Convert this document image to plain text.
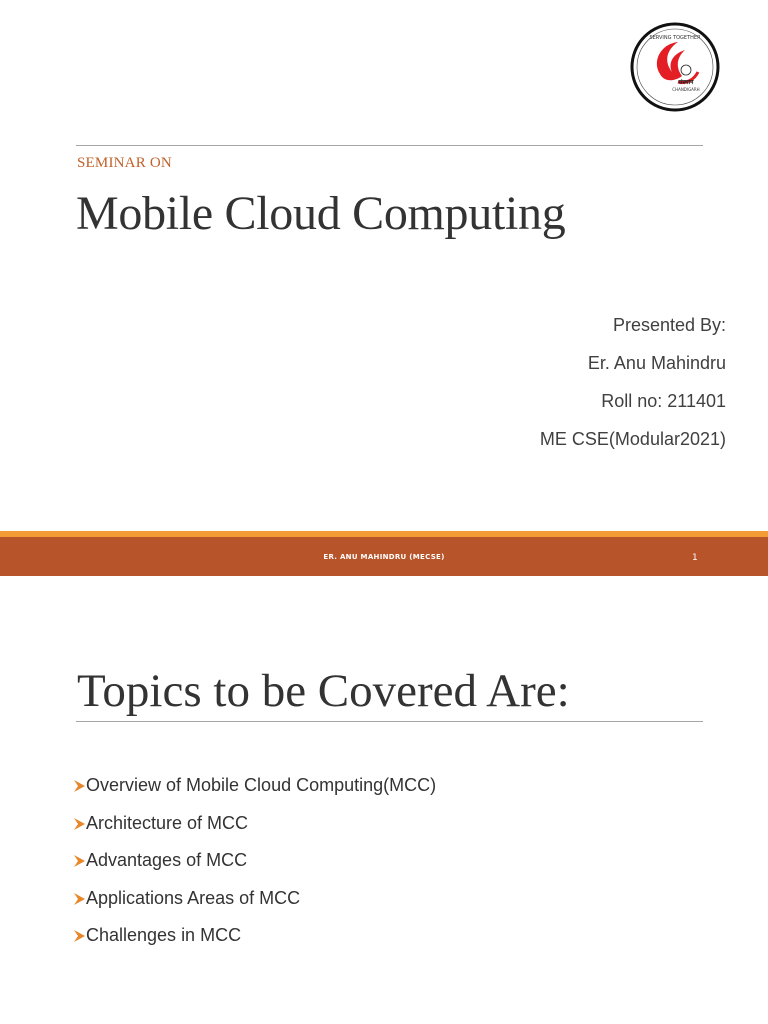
SERVING TOGETHER
संस्थान
CHANDIGARH
SEMINAR ON
Mobile Cloud Computing
Presented By:
Er. Anu Mahindru
Roll no: 211401
ME CSE(Modular2021)
ER. ANU MAHINDRU (MECSE)	1
Topics to be Covered Are:
Overview of Mobile Cloud Computing(MCC)
Architecture of MCC
Advantages of MCC
Applications Areas of MCC
Challenges in MCC
